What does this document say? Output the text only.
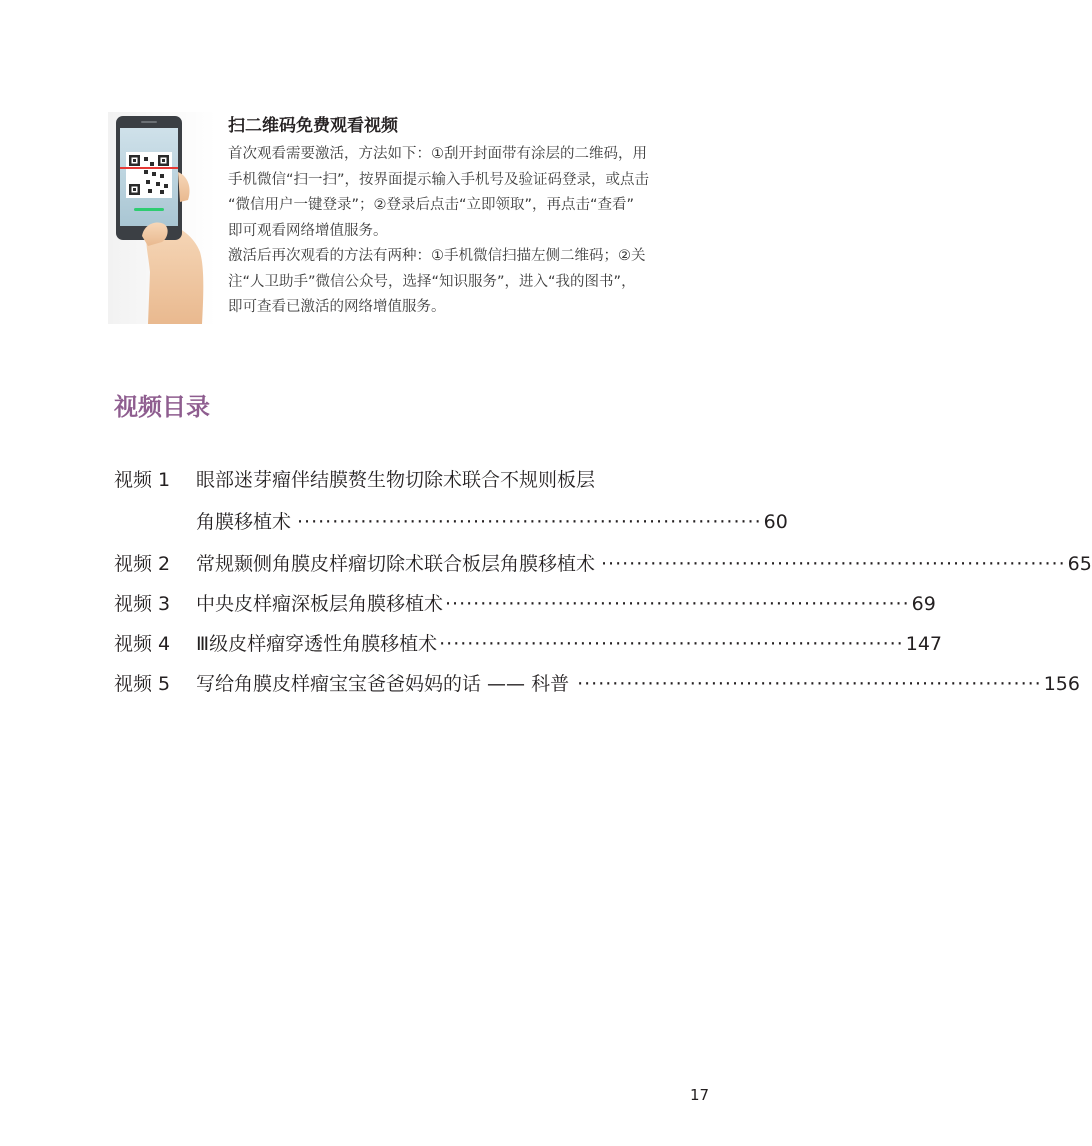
扫二维码免费观看视频
首次观看需要激活，方法如下：①刮开封面带有涂层的二维码，用
手机微信“扫一扫”，按界面提示输入手机号及验证码登录，或点击
“微信用户一键登录”；②登录后点击“立即领取”，再点击“查看”
即可观看网络增值服务。
激活后再次观看的方法有两种：①手机微信扫描左侧二维码；②关
注“人卫助手”微信公众号，选择“知识服务”，进入“我的图书”，
即可查看已激活的网络增值服务。
视频目录
视频 1 眼部迷芽瘤伴结膜赘生物切除术联合不规则板层
角膜移植术 ·································································· 60
视频 2 常规颞侧角膜皮样瘤切除术联合板层角膜移植术 ·································································· 65
视频 3 中央皮样瘤深板层角膜移植术 ·································································· 69
视频 4 Ⅲ级皮样瘤穿透性角膜移植术 ·································································· 147
视频 5 写给角膜皮样瘤宝宝爸爸妈妈的话 —— 科普 ·································································· 156
17
